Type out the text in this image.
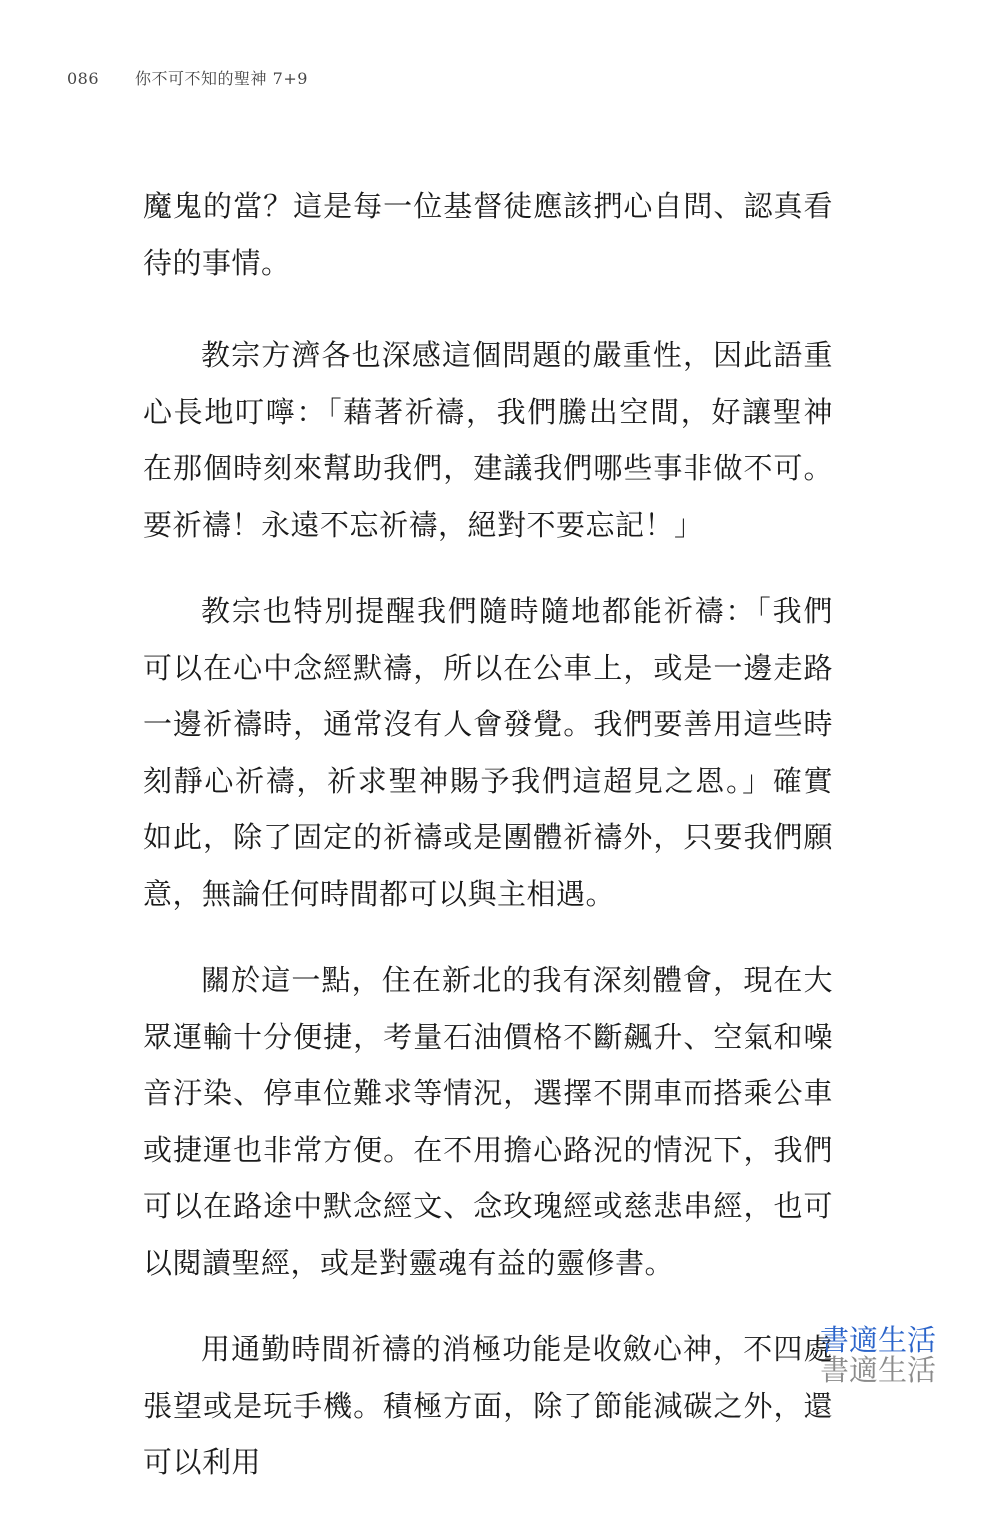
086 你不可不知的聖神 7+9

魔鬼的當？這是每一位基督徒應該捫心自問、認真看待的事情。

教宗方濟各也深感這個問題的嚴重性，因此語重心長地叮嚀：「藉著祈禱，我們騰出空間，好讓聖神在那個時刻來幫助我們，建議我們哪些事非做不可。要祈禱！永遠不忘祈禱，絕對不要忘記！」

教宗也特別提醒我們隨時隨地都能祈禱：「我們可以在心中念經默禱，所以在公車上，或是一邊走路一邊祈禱時，通常沒有人會發覺。我們要善用這些時刻靜心祈禱，祈求聖神賜予我們這超見之恩。」確實如此，除了固定的祈禱或是團體祈禱外，只要我們願意，無論任何時間都可以與主相遇。

關於這一點，住在新北的我有深刻體會，現在大眾運輸十分便捷，考量石油價格不斷飆升、空氣和噪音汙染、停車位難求等情況，選擇不開車而搭乘公車或捷運也非常方便。在不用擔心路況的情況下，我們可以在路途中默念經文、念玫瑰經或慈悲串經，也可以閱讀聖經，或是對靈魂有益的靈修書。

用通勤時間祈禱的消極功能是收斂心神，不四處張望或是玩手機。積極方面，除了節能減碳之外，還可以利用

書適生活
書適生活
